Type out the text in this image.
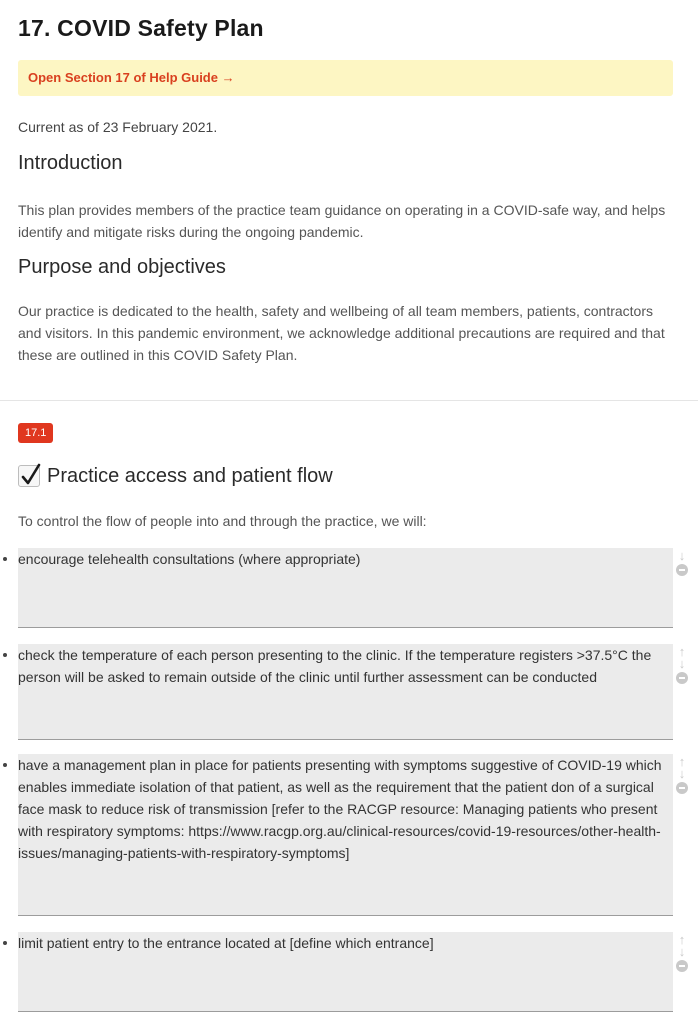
17. COVID Safety Plan
Open Section 17 of Help Guide →
Current as of 23 February 2021.
Introduction

This plan provides members of the practice team guidance on operating in a COVID-safe way, and helps identify and mitigate risks during the ongoing pandemic.

Purpose and objectives

Our practice is dedicated to the health, safety and wellbeing of all team members, patients, contractors and visitors. In this pandemic environment, we acknowledge additional precautions are required and that these are outlined in this COVID Safety Plan.

17.1
Practice access and patient flow
To control the flow of people into and through the practice, we will:
encourage telehealth consultations (where appropriate)	↓
check the temperature of each person presenting to the clinic. If the temperature registers >37.5°C the person will be asked to remain outside of the clinic until further assessment can be conducted
↑
↓
have a management plan in place for patients presenting with symptoms suggestive of COVID-19 which enables immediate isolation of that patient, as well as the requirement that the patient don of a surgical face mask to reduce risk of transmission [refer to the RACGP resource: Managing patients who present with respiratory symptoms: https://www.racgp.org.au/clinical-resources/covid-19-resources/other-health-issues/managing-patients-with-respiratory-symptoms]
↑
↓
limit patient entry to the entrance located at [define which entrance]	↑
↓
